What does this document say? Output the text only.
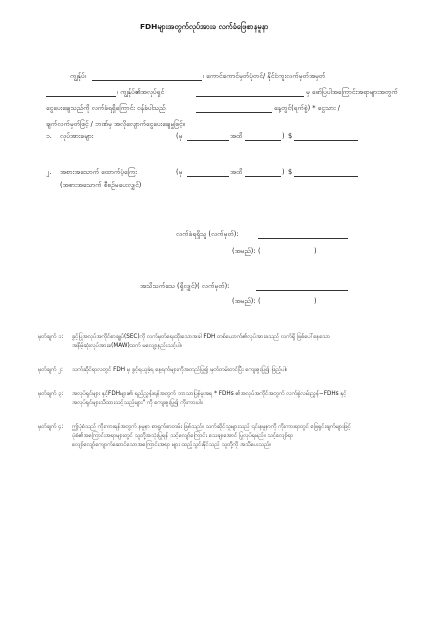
FDHများအတွက်လုပ်အားခ လက်ခံဖြေစာနမူနာ
ကျွန်ုပ်၊	၊ ကောင်ကောင်မှတ်ပုံတင်/ နိုင်ငံကူးလက်မှတ်အမှတ်
၊ ကျွန်ုပ်၏အလုပ်ရှင်	မှ ဖော်ပြပါအကြောင်းအရာများအတွက်
ငွေပေးချေသည်ကို လက်ခံရရှိကြောင်း ဝန်ခံပါသည်	နေ့တွင်(ရက်စွဲ) * ငွေသား /
ချက်လက်မှတ်ဖြင့် / ဘဏ်မှ အလိုလျောက်ငွေပေးချေမှုဖြင့်။
၁. လုပ်အားခများ	(မှ	အထိ	) $
၂. အစားအသောက် ထောက်ပံ့ကြေး	(မှ	အထိ	) $
(အစားအသောက် စီစဉ်မပေးလျှင်)
လက်ခံရရှိသူ (လက်မှတ်):
(အမည်): (	)
အသိသက်သေ (ရှိလျှင်)( လက်မှတ်):
(အမည်): (	)
မှတ်ချက် ၁: ခွင့်ပြုအလုပ်အကိုင်စာချုပ်(SEC)ကို လက်မှတ်ရေးထိုးသောအခါ FDH တစ်ယောက်၏လုပ်အားခသည် လက်ရှိ ဖြစ်ပေါ်နေသော
အနိမ့်ဆုံးလုပ်အားခ(MAW)ထက် မလျော့နည်းသင့်ပါ။
မှတ်ချက် ၂: သက်ဆိုင်ရာလတွင် FDH မှ ခွင့်ရယူခဲ့ရ နေ့ရက်များကိုအတည်ပြု၍ မှတ်တမ်းတင်ပြီး ကျေးဇူးပြု၍ ဖြည့်ပါ။
မှတ်ချက် ၃: အလုပ်ရှင်များ နှင့်FDHများ၏ ရည်ညွှန်းရန်အတွက် ဘာသာပြန်မူအရ * FDHs ၏အလုပ်အကိုင်အတွက် လက်စွဲလမ်းညွှန်−FDHs နှင့်
အလုပ်ရှင်များသိထားသင့်သည်များ" ကို ကျေးဇူးပြု၍ ကိုးကားပါ။
မှတ်ချက် ၄: ဤပုံစံသည် ကိုးကားရန်အတွက် နမူနာ စာရွက်စာတမ်း ဖြစ်သည်။ သက်ဆိုင်သူများသည် ၎င်းနမူနာကို ကိုးကားရာတွင် ဖြေရှင်းချက်များဖြင့်
ပုံစံ၏အကြောင်းအရာများတွင် သူတို့အသုံးပြုရန် သင့်လျော်ကြောင်း သေချာအောင် ပြုလုပ်ရမည်။ သင့်လျော်ရာ
လျော်လျော်ကျောက်ဆောင်သောအကြောင်းအရာ များ ထည့်သွင်းနိုင်သည် သူတို့ကို အသိပေးသည်။
